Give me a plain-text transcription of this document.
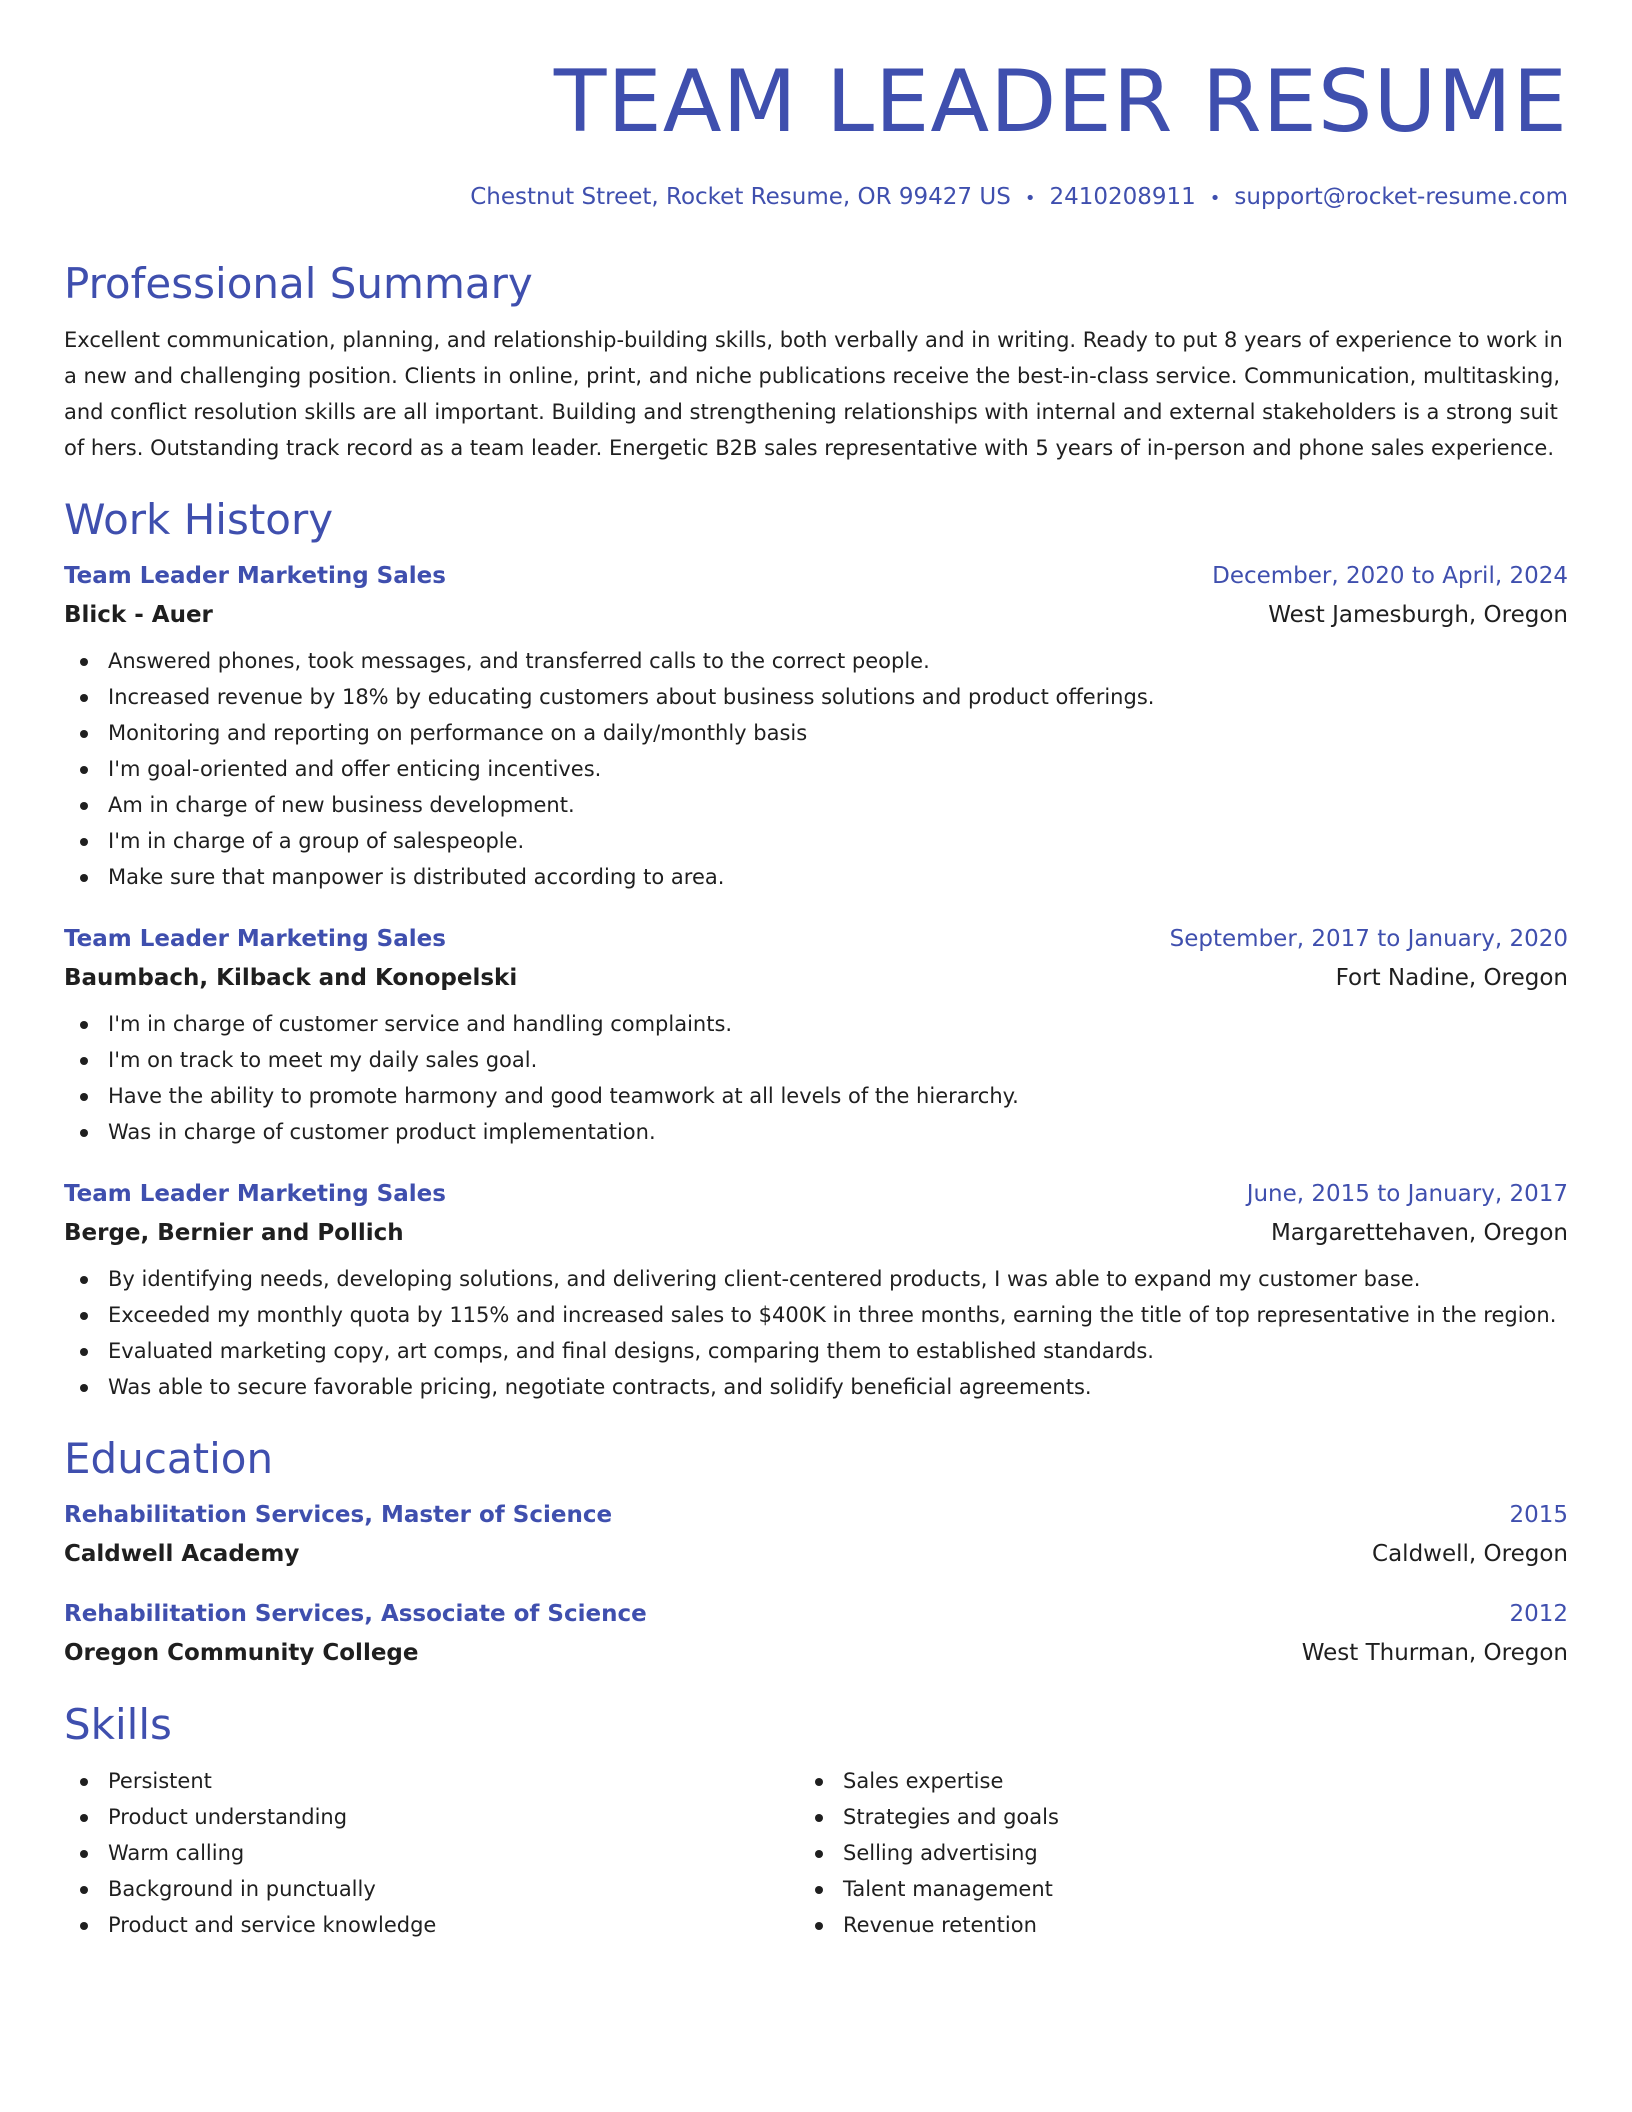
TEAM LEADER RESUME
Chestnut Street, Rocket Resume, OR 99427 US • 2410208911 • support@rocket-resume.com
Professional Summary
Excellent communication, planning, and relationship-building skills, both verbally and in writing. Ready to put 8 years of experience to work in a new and challenging position. Clients in online, print, and niche publications receive the best-in-class service. Communication, multitasking, and conflict resolution skills are all important. Building and strengthening relationships with internal and external stakeholders is a strong suit of hers. Outstanding track record as a team leader. Energetic B2B sales representative with 5 years of in-person and phone sales experience.
Work History
Team Leader Marketing Sales	December, 2020 to April, 2024
Blick - Auer	West Jamesburgh, Oregon
Answered phones, took messages, and transferred calls to the correct people.
Increased revenue by 18% by educating customers about business solutions and product offerings.
Monitoring and reporting on performance on a daily/monthly basis
I'm goal-oriented and offer enticing incentives.
Am in charge of new business development.
I'm in charge of a group of salespeople.
Make sure that manpower is distributed according to area.
Team Leader Marketing Sales	September, 2017 to January, 2020
Baumbach, Kilback and Konopelski	Fort Nadine, Oregon
I'm in charge of customer service and handling complaints.
I'm on track to meet my daily sales goal.
Have the ability to promote harmony and good teamwork at all levels of the hierarchy.
Was in charge of customer product implementation.
Team Leader Marketing Sales	June, 2015 to January, 2017
Berge, Bernier and Pollich	Margarettehaven, Oregon
By identifying needs, developing solutions, and delivering client-centered products, I was able to expand my customer base.
Exceeded my monthly quota by 115% and increased sales to $400K in three months, earning the title of top representative in the region.
Evaluated marketing copy, art comps, and final designs, comparing them to established standards.
Was able to secure favorable pricing, negotiate contracts, and solidify beneficial agreements.
Education
Rehabilitation Services, Master of Science	2015
Caldwell Academy	Caldwell, Oregon
Rehabilitation Services, Associate of Science	2012
Oregon Community College	West Thurman, Oregon
Skills
Persistent
Product understanding
Warm calling
Background in punctually
Product and service knowledge
Sales expertise
Strategies and goals
Selling advertising
Talent management
Revenue retention
